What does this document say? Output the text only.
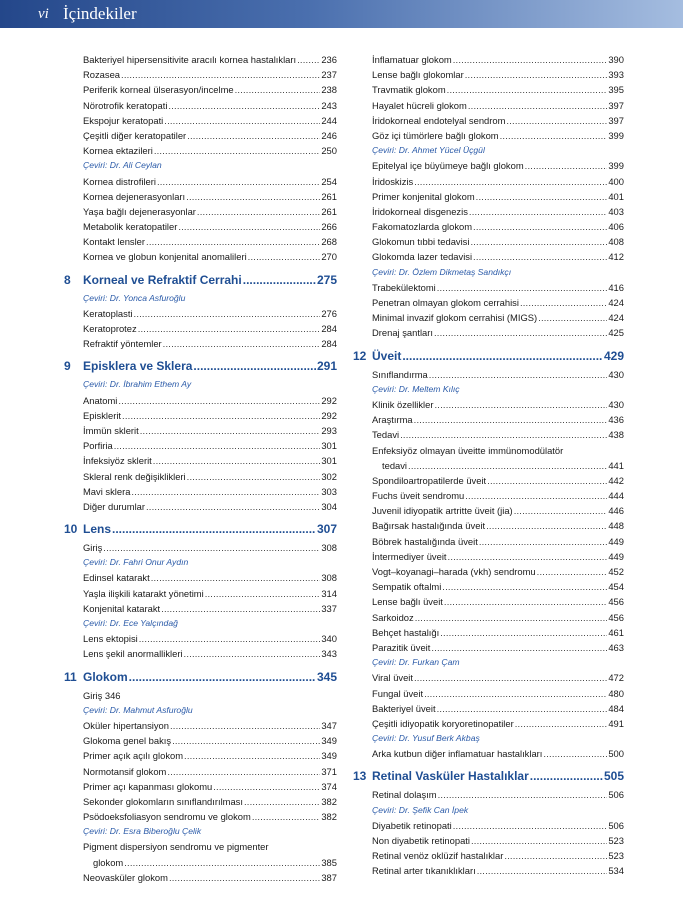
vi İçindekiler
Bakteriyel hipersensitivite aracılı kornea hastalıkları .....	236
Rozasea .....	237
Periferik korneal ülserasyon/incelme .....	238
Nörotrofik keratopati .....	243
Ekspojur keratopati .....	244
Çeşitli diğer keratopatiler .....	246
Kornea ektazileri .....	250
Çeviri: Dr. Ali Ceylan
Kornea distrofileri .....	254
Kornea dejenerasyonları .....	261
Yaşa bağlı dejenerasyonlar .....	261
Metabolik keratopatiler .....	266
Kontakt lensler .....	268
Kornea ve globun konjenital anomalileri .....	270
8	Korneal ve Refraktif Cerrahi .....	275
Çeviri: Dr. Yonca Asfuroğlu
Keratoplasti .....	276
Keratoprotez .....	284
Refraktif yöntemler .....	284
9	Episklera ve Sklera .....	291
Çeviri: Dr. İbrahim Ethem Ay
Anatomi .....	292
Episklerit .....	292
İmmün sklerit .....	293
Porfiria .....	301
İnfeksiyöz sklerit .....	301
Skleral renk değişiklikleri .....	302
Mavi sklera .....	303
Diğer durumlar .....	304
10 Lens .....	307
Giriş .....	308
Çeviri: Dr. Fahri Onur Aydın
Edinsel katarakt .....	308
Yaşla ilişkili katarakt yönetimi .....	314
Konjenital katarakt .....	337
Çeviri: Dr. Ece Yalçındağ
Lens ektopisi .....	340
Lens şekil anormallikleri .....	343
11 Glokom .....	345
Giriş 346
Çeviri: Dr. Mahmut Asfuroğlu
Oküler hipertansiyon .....	347
Glokoma genel bakış .....	349
Primer açık açılı glokom .....	349
Normotansif glokom .....	371
Primer açı kapanması glokomu .....	374
Sekonder glokomların sınıflandırılması .....	382
Psödoeksfoliasyon sendromu ve glokom .....	382
Çeviri: Dr. Esra Biberoğlu Çelik
Pigment dispersiyon sendromu ve pigmenter
glokom .....	385
Neovasküler glokom .....	387
İnflamatuar glokom .....	390
Lense bağlı glokomlar .....	393
Travmatik glokom .....	395
Hayalet hücreli glokom .....	397
İridokorneal endotelyal sendrom .....	397
Göz içi tümörlere bağlı glokom .....	399
Çeviri: Dr. Ahmet Yücel Üçgül
Epitelyal içe büyümeye bağlı glokom .....	399
İridoskizis .....	400
Primer konjenital glokom .....	401
İridokorneal disgenezis .....	403
Fakomatozlarda glokom .....	406
Glokomun tıbbi tedavisi .....	408
Glokomda lazer tedavisi .....	412
Çeviri: Dr. Özlem Dikmetaş Sandıkçı
Trabekülektomi .....	416
Penetran olmayan glokom cerrahisi .....	424
Minimal invazif glokom cerrahisi (MIGS) .....	424
Drenaj şantları .....	425
12 Üveit .....	429
Sınıflandırma .....	430
Çeviri: Dr. Meltem Kılıç
Klinik özellikler .....	430
Araştırma .....	436
Tedavi .....	438
Enfeksiyöz olmayan üveitte immünomodülatör
tedavi .....	441
Spondiloartropatilerde üveit .....	442
Fuchs üveit sendromu .....	444
Juvenil idiyopatik artritte üveit (jia) .....	446
Bağırsak hastalığında üveit .....	448
Böbrek hastalığında üveit .....	449
İntermediyer üveit .....	449
Vogt–koyanagi–harada (vkh) sendromu .....	452
Sempatik oftalmi .....	454
Lense bağlı üveit .....	456
Sarkoidoz .....	456
Behçet hastalığı .....	461
Parazitik üveit .....	463
Çeviri: Dr. Furkan Çam
Viral üveit .....	472
Fungal üveit .....	480
Bakteriyel üveit .....	484
Çeşitli idiyopatik koryoretinopatiler .....	491
Çeviri: Dr. Yusuf Berk Akbaş
Arka kutbun diğer inflamatuar hastalıkları .....	500
13 Retinal Vasküler Hastalıklar .....	505
Retinal dolaşım .....	506
Çeviri: Dr. Şefik Can İpek
Diyabetik retinopati .....	506
Non diyabetik retinopati .....	523
Retinal venöz oklüzif hastalıklar .....	523
Retinal arter tıkanıklıkları .....	534
